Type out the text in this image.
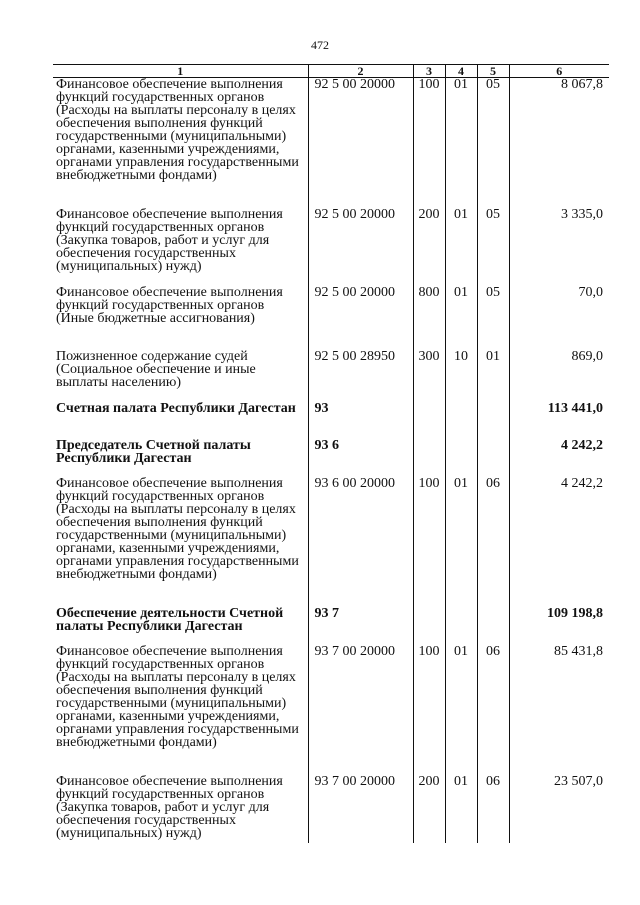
472
1	2	3	4	5	6
Финансовое обеспечение выполнения функций государственных органов (Расходы на выплаты персоналу в целях обеспечения выполнения функций государственными (муниципальными) органами, казенными учреждениями, органами управления государственными внебюджетными фондами)	92 5 00 20000	100	01	05	8 067,8
Финансовое обеспечение выполнения функций государственных органов (Закупка товаров, работ и услуг для обеспечения государственных (муниципальных) нужд)	92 5 00 20000	200	01	05	3 335,0
Финансовое обеспечение выполнения функций государственных органов (Иные бюджетные ассигнования)	92 5 00 20000	800	01	05	70,0
Пожизненное содержание судей (Социальное обеспечение и иные выплаты населению)	92 5 00 28950	300	10	01	869,0
Счетная палата Республики Дагестан	93				113 441,0
Председатель Счетной палаты Республики Дагестан	93 6				4 242,2
Финансовое обеспечение выполнения функций государственных органов (Расходы на выплаты персоналу в целях обеспечения выполнения функций государственными (муниципальными) органами, казенными учреждениями, органами управления государственными внебюджетными фондами)	93 6 00 20000	100	01	06	4 242,2
Обеспечение деятельности Счетной палаты Республики Дагестан	93 7				109 198,8
Финансовое обеспечение выполнения функций государственных органов (Расходы на выплаты персоналу в целях обеспечения выполнения функций государственными (муниципальными) органами, казенными учреждениями, органами управления государственными внебюджетными фондами)	93 7 00 20000	100	01	06	85 431,8
Финансовое обеспечение выполнения функций государственных органов (Закупка товаров, работ и услуг для обеспечения государственных (муниципальных) нужд)	93 7 00 20000	200	01	06	23 507,0
